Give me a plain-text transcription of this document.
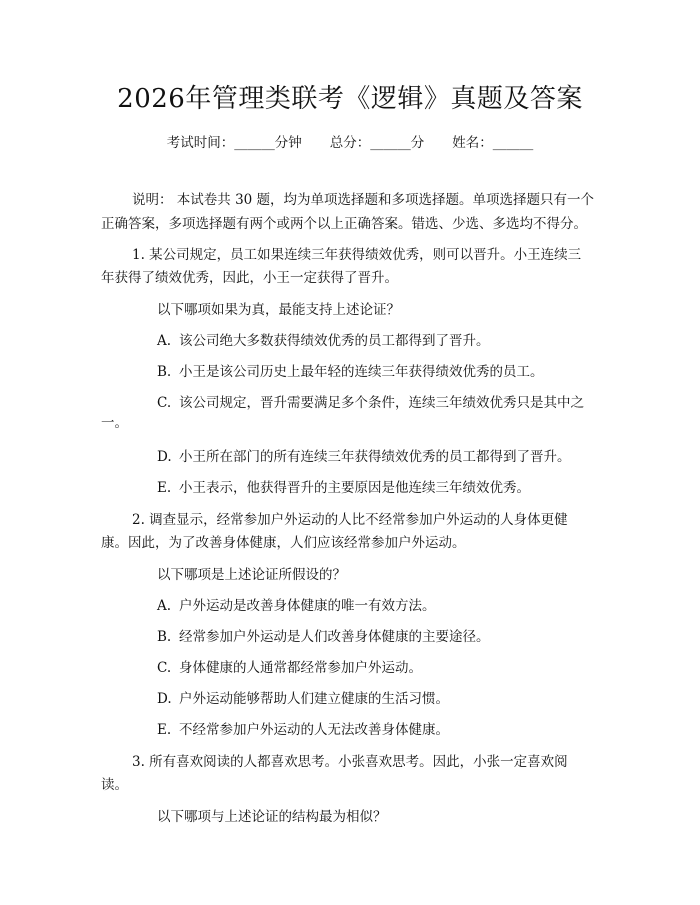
2026年管理类联考《逻辑》真题及答案
考试时间：______分钟 总分：______分 姓名：______
说明： 本试卷共 30 题，均为单项选择题和多项选择题。单项选择题只有一个
正确答案，多项选择题有两个或两个以上正确答案。错选、少选、多选均不得分。
1. 某公司规定，员工如果连续三年获得绩效优秀，则可以晋升。小王连续三
年获得了绩效优秀，因此，小王一定获得了晋升。
以下哪项如果为真，最能支持上述论证？
A. 该公司绝大多数获得绩效优秀的员工都得到了晋升。
B. 小王是该公司历史上最年轻的连续三年获得绩效优秀的员工。
C. 该公司规定，晋升需要满足多个条件，连续三年绩效优秀只是其中之
一。
D. 小王所在部门的所有连续三年获得绩效优秀的员工都得到了晋升。
E. 小王表示，他获得晋升的主要原因是他连续三年绩效优秀。
2. 调查显示，经常参加户外运动的人比不经常参加户外运动的人身体更健
康。因此，为了改善身体健康，人们应该经常参加户外运动。
以下哪项是上述论证所假设的？
A. 户外运动是改善身体健康的唯一有效方法。
B. 经常参加户外运动是人们改善身体健康的主要途径。
C. 身体健康的人通常都经常参加户外运动。
D. 户外运动能够帮助人们建立健康的生活习惯。
E. 不经常参加户外运动的人无法改善身体健康。
3. 所有喜欢阅读的人都喜欢思考。小张喜欢思考。因此，小张一定喜欢阅
读。
以下哪项与上述论证的结构最为相似？
